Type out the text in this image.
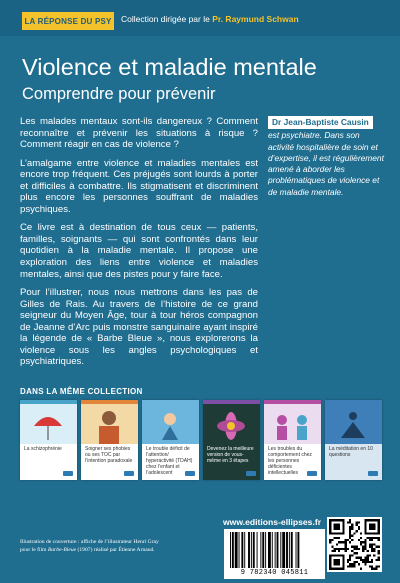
LA RÉPONSE DU PSY Collection dirigée par le Pr. Raymund Schwan
Violence et maladie mentale
Comprendre pour prévenir

Les malades mentaux sont-ils dangereux ? Comment reconnaître et prévenir les situations à risque ? Comment réagir en cas de violence ?

L’amalgame entre violence et maladies mentales est encore trop fréquent. Ces préjugés sont lourds à porter et difficiles à combattre. Ils stigmatisent et discriminent plus encore les personnes souffrant de maladies psychiques.

Ce livre est à destination de tous ceux — patients, familles, soignants — qui sont confrontés dans leur quotidien à la maladie mentale. Il propose une exploration des liens entre violence et maladies mentales, ainsi que des pistes pour y faire face.

Pour l’illustrer, nous nous mettrons dans les pas de Gilles de Rais. Au travers de l’histoire de ce grand seigneur du Moyen Âge, tour à tour héros compagnon de Jeanne d’Arc puis monstre sanguinaire ayant inspiré la légende de « Barbe Bleue », nous explorerons la violence sous les angles psychologiques et psychiatriques.

Dr Jean-Baptiste Causin
est psychiatre. Dans son activité hospitalière de soin et d’expertise, il est régulièrement amené à aborder les problématiques de violence et de maladie mentale.
DANS LA MÊME COLLECTION
La schizophrénie	Soigner ses phobies ou ses TOC par l’intention paradoxale
Le trouble déficit de l’attention/ hyperactivité (TDAH) chez l’enfant et l’adolescent
Devenez la meilleure version de vous-même en 3 étapes
Les troubles du comportement chez les personnes déficientes intellectuelles
La méditation en 10 questions
Illustration de couverture : affiche de l’illustrateur Henri Gray
pour le film Barbe-Bleue (1907) réalisé par Étienne Arnaud.
www.editions-ellipses.fr
9 782340 045811
